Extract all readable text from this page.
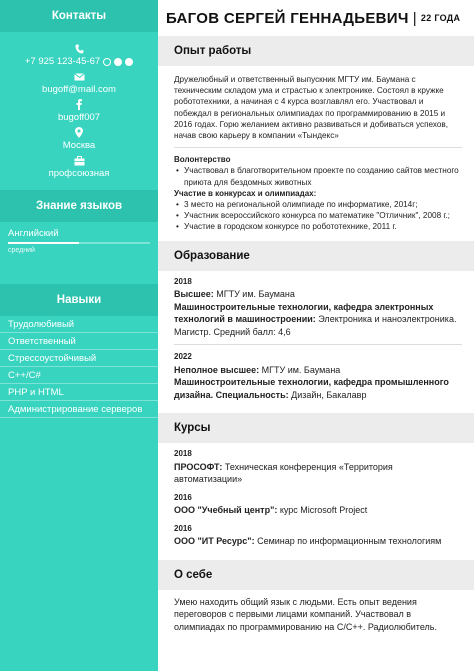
Контакты
+7 925 123-45-67
bugoff@mail.com
bugoff007
Москва
профсоюзная
Знание языков
Английский
средний
Навыки
Трудолюбивый
Ответственный
Стрессоустойчивый
C++/C#
PHP и HTML
Администрирование серверов
БАГОВ СЕРГЕЙ ГЕННАДЬЕВИЧ | 22 ГОДА
Опыт работы
Дружелюбный и ответственный выпускник МГТУ им. Баумана с техническим складом ума и страстью к электронике. Состоял в кружке робототехники, а начиная с 4 курса возглавлял его. Участвовал и побеждал в региональных олимпиадах по программированию в 2015 и 2016 годах. Горю желанием активно развиваться и добиваться успехов, начав свою карьеру в компании «Тындекс»
Волонтерство
• Участвовал в благотворительном проекте по созданию сайтов местного приюта для бездомных животных
Участие в конкурсах и олимпиадах:
• 3 место на региональной олимпиаде по информатике, 2014г;
• Участник всероссийского конкурса по математике "Отличник", 2008 г.;
• Участие в городском конкурсе по робототехнике, 2011 г.
Образование
2018
Высшее: МГТУ им. Баумана
Машиностроительные технологии, кафедра электронных технологий в машиностроении: Электроника и наноэлектроника.
Магистр. Средний балл: 4,6
2022
Неполное высшее: МГТУ им. Баумана
Машиностроительные технологии, кафедра промышленного дизайна. Специальность: Дизайн, Бакалавр
Курсы
2018
ПРОСОФТ: Техническая конференция «Территория автоматизации»
2016
ООО "Учебный центр": курс Microsoft Project
2016
ООО "ИТ Ресурс": Семинар по информационным технологиям
О себе
Умею находить общий язык с людьми. Есть опыт ведения переговоров с первыми лицами компаний. Участвовал в олимпиадах по программированию на C/C++. Радиолюбитель.
